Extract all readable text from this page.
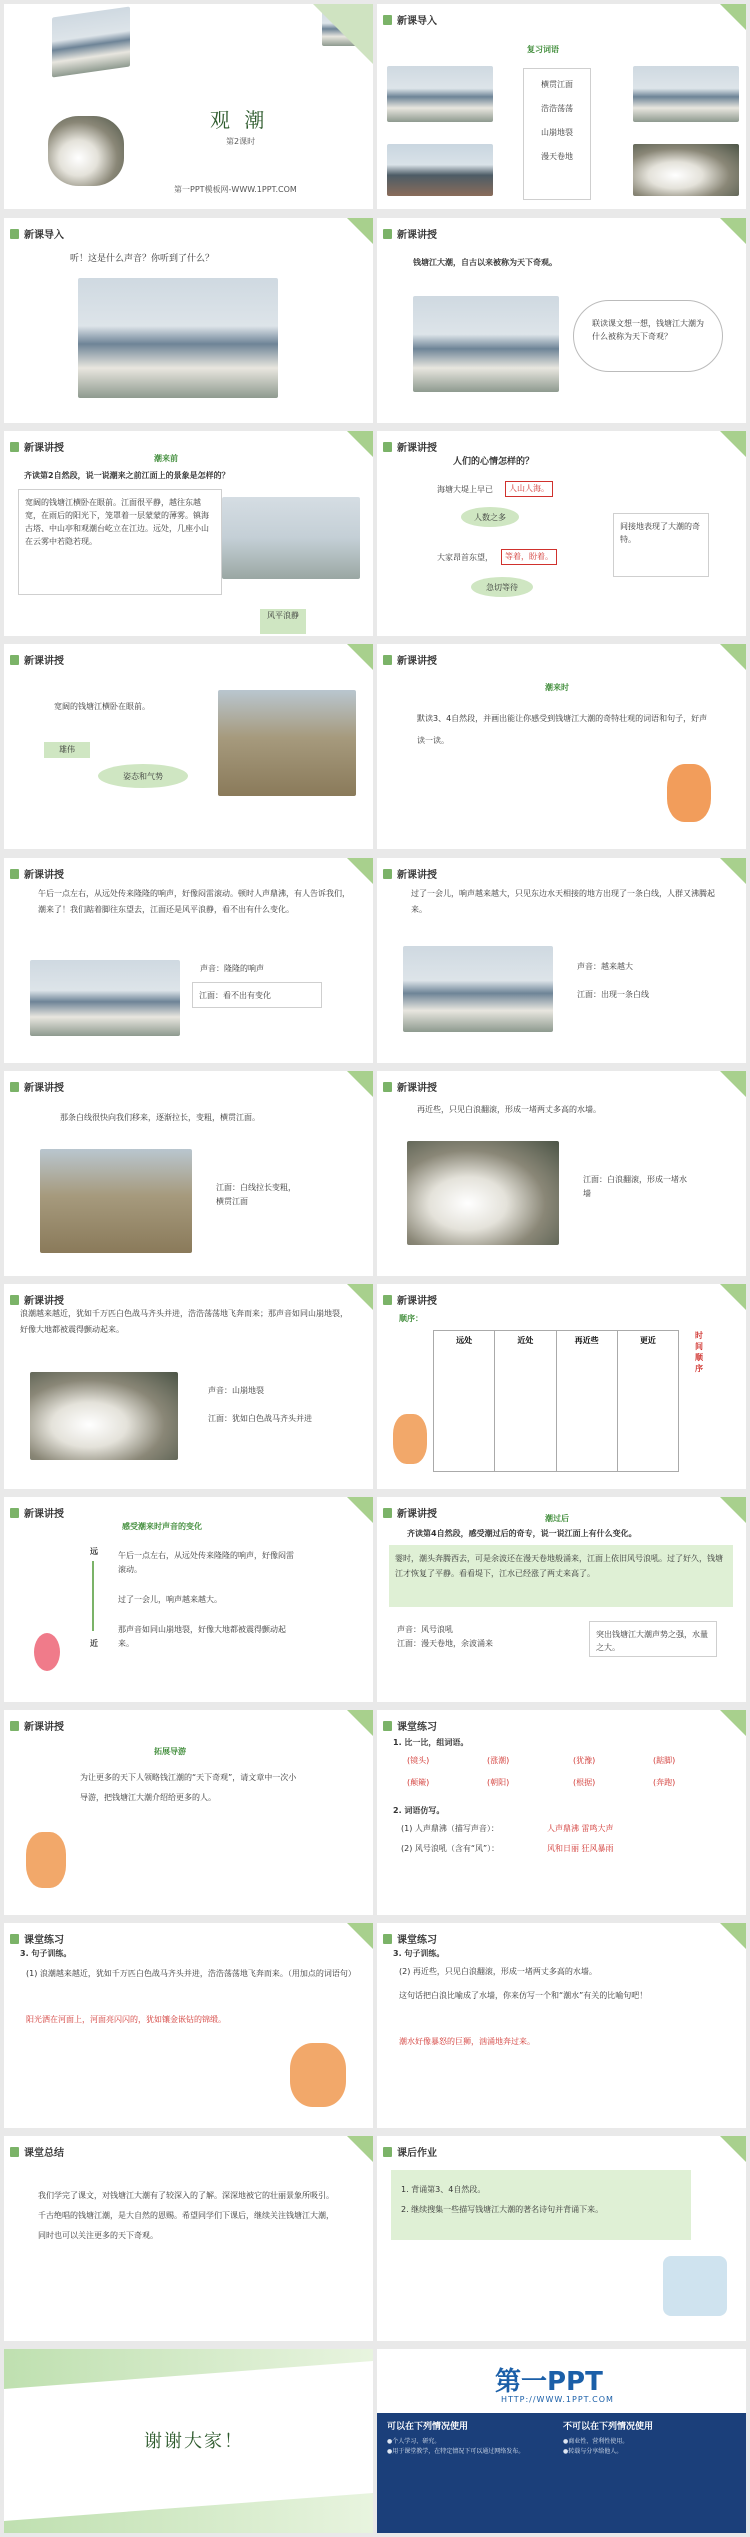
观 潮
第2课时
第一PPT模板网-WWW.1PPT.COM
新课导入
复习词语
横贯江面
浩浩荡荡
山崩地裂
漫天卷地
新课导入
听！这是什么声音？你听到了什么？
新课讲授
钱塘江大潮，自古以来被称为天下奇观。
联读课文想一想，钱塘江大潮为什么被称为天下奇观？
新课讲授
潮来前
齐读第2自然段，说一说潮来之前江面上的景象是怎样的？
宽阔的钱塘江横卧在眼前。江面很平静，越往东越宽，在雨后的阳光下，笼罩着一层蒙蒙的薄雾。镇海古塔、中山亭和观潮台屹立在江边。远处，几座小山在云雾中若隐若现。
风平浪静
新课讲授
人们的心情怎样的？
海塘大堤上早已	人山人海。
人数之多
大家昂首东望，	等着，盼着。
急切等待
间接地表现了大潮的奇特。
新课讲授
宽阔的钱塘江横卧在眼前。
雄伟
姿态和气势
新课讲授
潮来时
默读3、4自然段，并画出能让你感受到钱塘江大潮的奇特壮观的词语和句子，好声读一读。
新课讲授
午后一点左右，从远处传来隆隆的响声，好像闷雷滚动。顿时人声鼎沸，有人告诉我们，潮来了！我们踮着脚往东望去，江面还是风平浪静，看不出有什么变化。
声音：隆隆的响声
江面：看不出有变化
新课讲授
过了一会儿，响声越来越大，只见东边水天相接的地方出现了一条白线，人群又沸腾起来。
声音：越来越大
江面：出现一条白线
新课讲授
那条白线很快向我们移来，逐渐拉长，变粗，横贯江面。
江面：白线拉长变粗，横贯江面
新课讲授
再近些，只见白浪翻滚，形成一堵两丈多高的水墙。
江面：白浪翻滚，形成一堵水墙
新课讲授
浪潮越来越近，犹如千万匹白色战马齐头并进，浩浩荡荡地飞奔而来；那声音如同山崩地裂，好像大地都被震得颤动起来。
声音：山崩地裂
江面：犹如白色战马齐头并进
新课讲授
顺序：
远处	近处	再近些	更近
时间顺序
新课讲授
感受潮来时声音的变化
远
近
午后一点左右，从远处传来隆隆的响声，好像闷雷滚动。
过了一会儿，响声越来越大。
那声音如同山崩地裂，好像大地都被震得颤动起来。
新课讲授	潮过后
齐读第4自然段，感受潮过后的奇专，说一说江面上有什么变化。
霎时，潮头奔腾西去，可是余波还在漫天卷地般涌来，江面上依旧风号浪吼。过了好久，钱塘江才恢复了平静。看看堤下，江水已经涨了两丈来高了。
声音：风号浪吼
江面：漫天卷地，余波涌来
突出钱塘江大潮声势之强，水量之大。
新课讲授
拓展导游
为让更多的天下人领略钱江潮的“天下奇观”，请文章中一次小导游，把钱塘江大潮介绍给更多的人。
课堂练习
1. 比一比，组词语。
(镜头)	(涨潮)	(犹豫)	(踮脚)
(颠簸)	(朝阳)	(根据)	(奔跑)
2. 词语仿写。
(1) 人声鼎沸（描写声音）：	人声鼎沸 雷鸣大声
(2) 风号浪吼（含有“风”）：	风和日丽 狂风暴雨
课堂练习
3. 句子训练。
(1) 浪潮越来越近，犹如千万匹白色战马齐头并进，浩浩荡荡地飞奔而来。（用加点的词语句）
阳光洒在河面上，河面亮闪闪的，犹如镶金嵌钻的锦缎。
课堂练习
3. 句子训练。
(2) 再近些，只见白浪翻滚，形成一堵两丈多高的水墙。
这句话把白浪比喻成了水墙，你来仿写一个和“潮水”有关的比喻句吧！
潮水好像暴怒的巨狮，汹涌地奔过来。
课堂总结
我们学完了课文，对钱塘江大潮有了较深入的了解。深深地被它的壮丽景象所吸引。千古绝唱的钱塘江潮，是大自然的恩赐。希望同学们下课后，继续关注钱塘江大潮，同时也可以关注更多的天下奇观。
课后作业
1. 背诵第3、4自然段。
2. 继续搜集一些描写钱塘江大潮的著名诗句并背诵下来。
谢谢大家！
第一PPT
HTTP://WWW.1PPT.COM
可以在下列情况使用	不可以在下列情况使用
●个人学习、研究。
●用于课堂教学，在特定情况下可以通过网络发布。
●商业性、营利性使用。
●转载与分享给他人。
